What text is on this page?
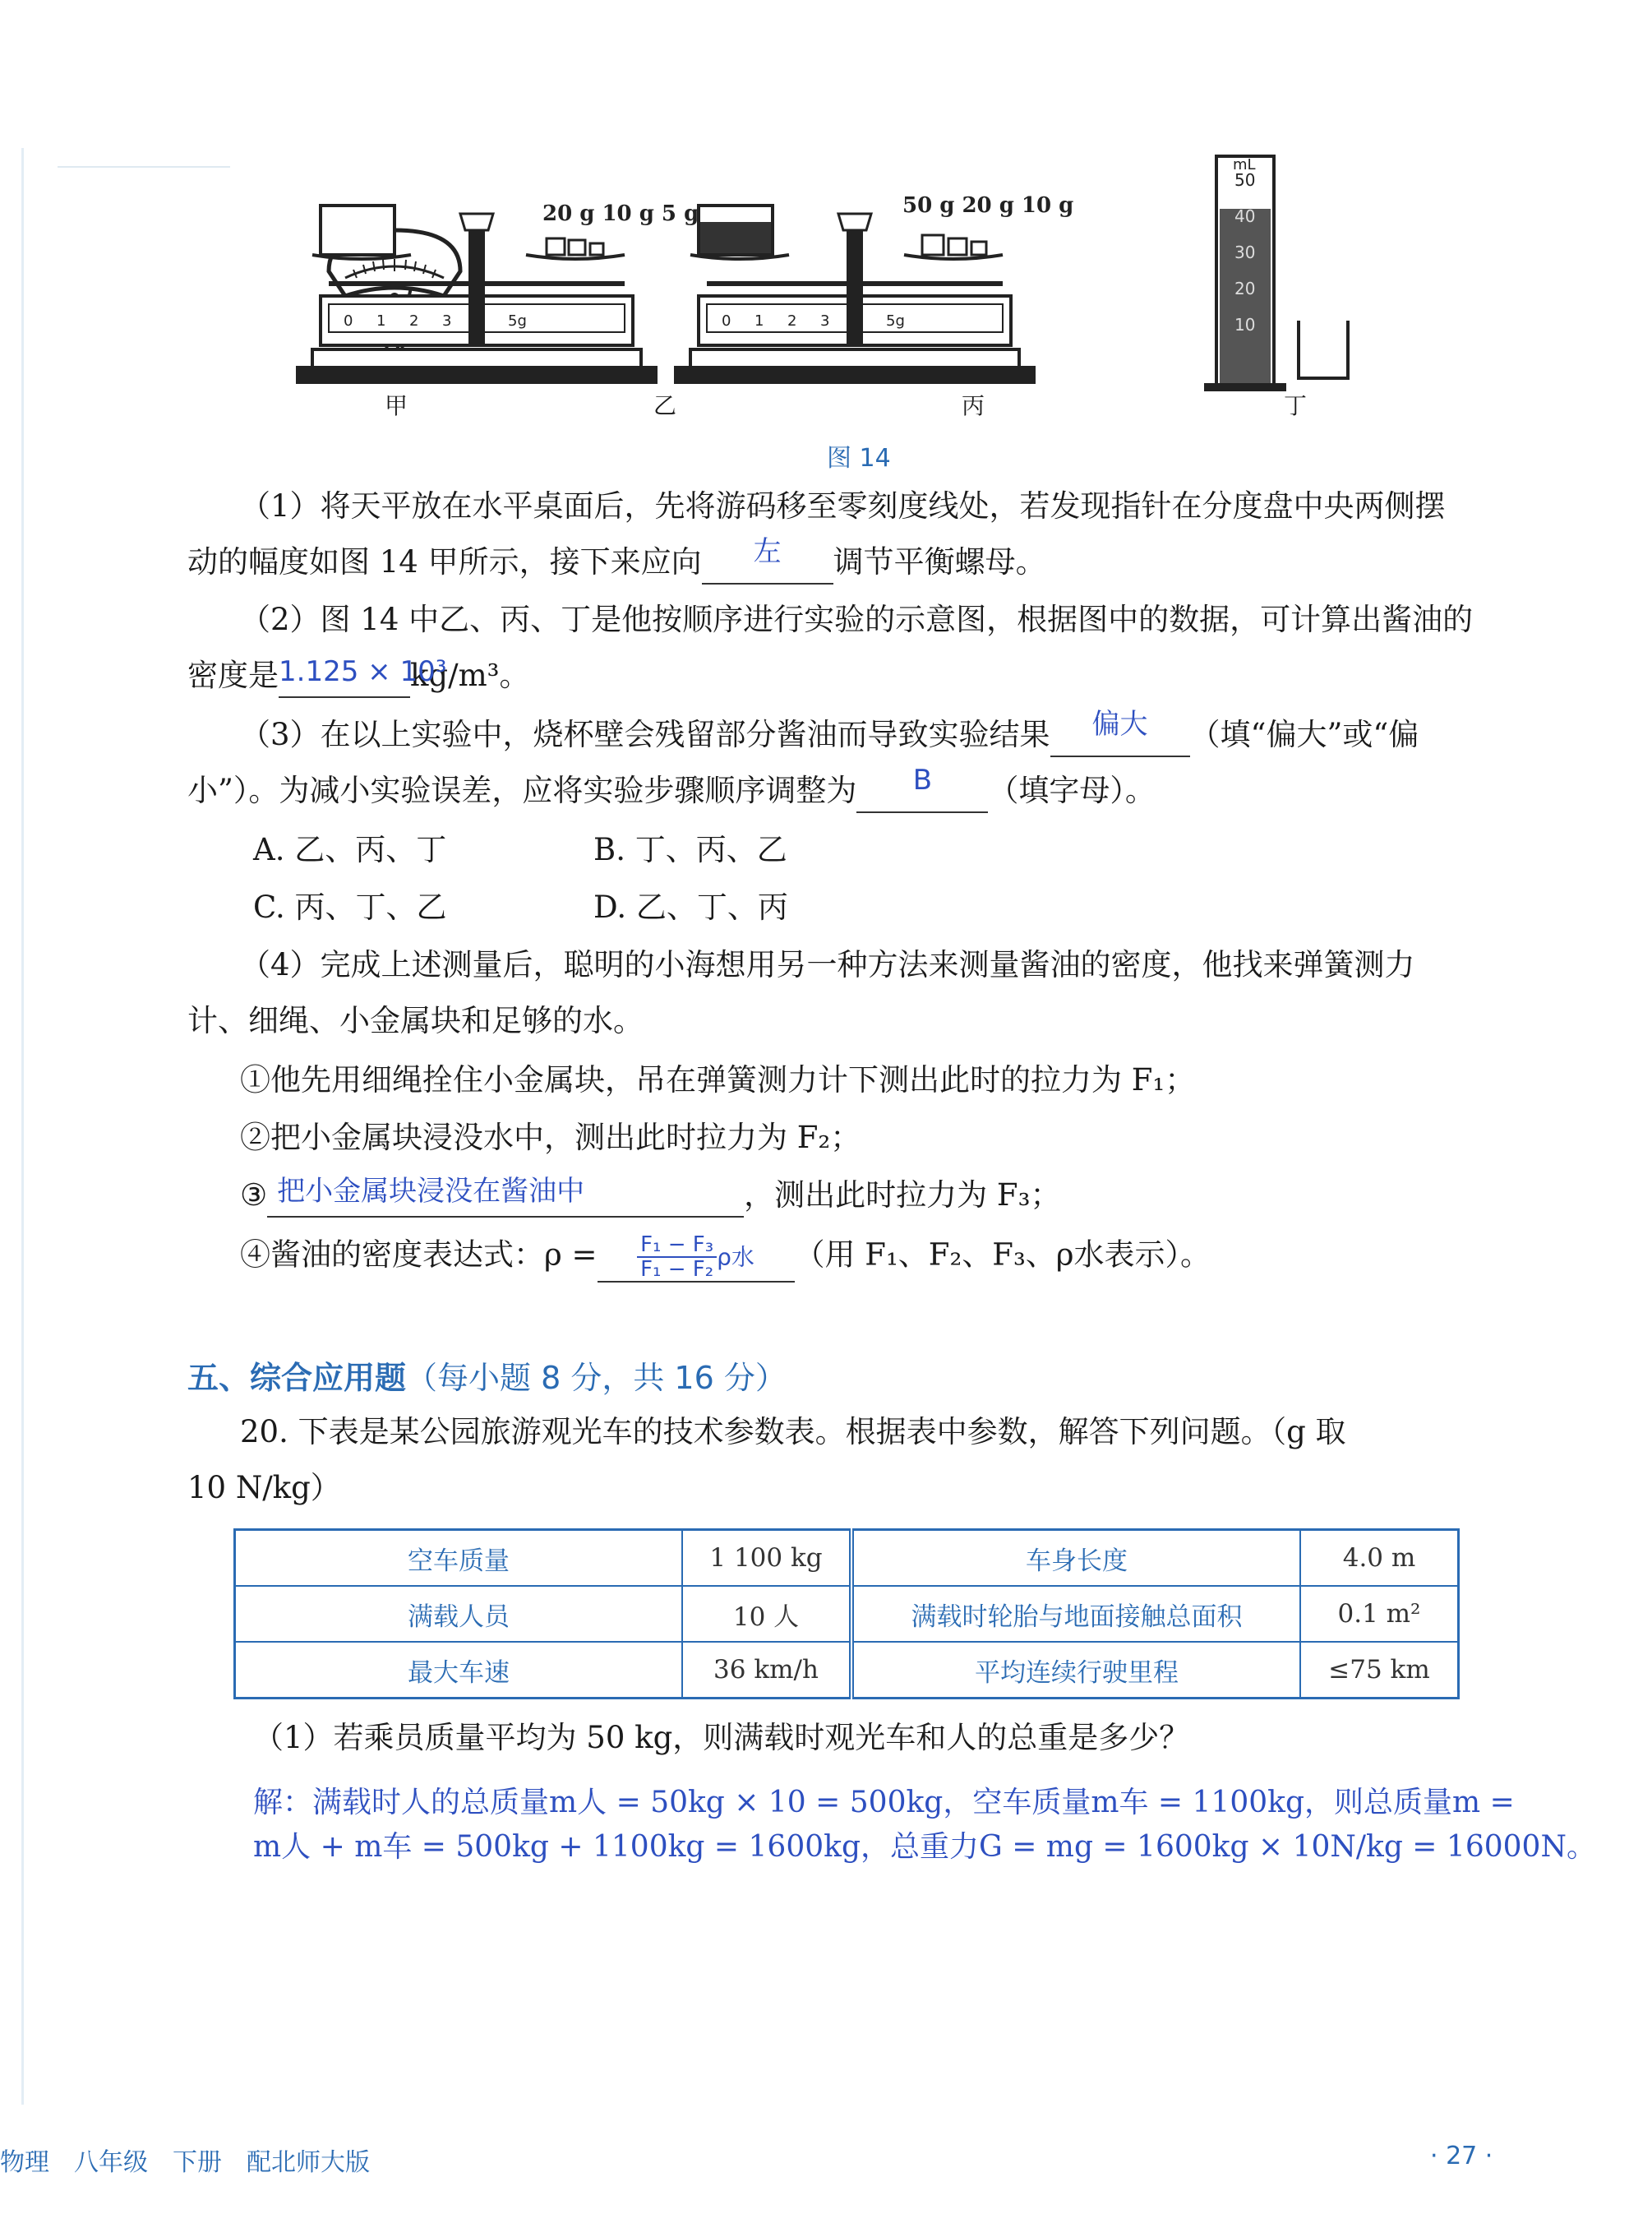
0 1 2 3	5g
20 g 10 g 5 g
0 1 2 3	5g
50 g 20 g 10 g
mL
50
40
30
20
10
甲	乙	丙	丁
图 14
（1）将天平放在水平桌面后，先将游码移至零刻度线处，若发现指针在分度盘中央两侧摆
动的幅度如图 14 甲所示，接下来应向 左 调节平衡螺母。
（2）图 14 中乙、丙、丁是他按顺序进行实验的示意图，根据图中的数据，可计算出酱油的
密度是1.125 × 10³kg/m³。
（3）在以上实验中，烧杯壁会残留部分酱油而导致实验结果 偏大 （填“偏大”或“偏
小”）。为减小实验误差，应将实验步骤顺序调整为 B （填字母）。
A. 乙、丙、丁	B. 丁、丙、乙
C. 丙、丁、乙	D. 乙、丁、丙
（4）完成上述测量后，聪明的小海想用另一种方法来测量酱油的密度，他找来弹簧测力
计、细绳、小金属块和足够的水。
①他先用细绳拴住小金属块，吊在弹簧测力计下测出此时的拉力为 F₁；
②把小金属块浸没水中，测出此时拉力为 F₂；
③ 把小金属块浸没在酱油中	，测出此时拉力为 F₃；
④酱油的密度表达式：$\rho = \frac{\text{F₁ − F₃}}{\text{F₁ − F₂}}$ ρ水 （用 F₁、F₂、F₃、ρ水表示）。
五、综合应用题（每小题 8 分，共 16 分）
20. 下表是某公园旅游观光车的技术参数表。根据表中参数，解答下列问题。（g 取
10 N/kg）
空车质量	1 100 kg	车身长度	4.0 m
满载人员	10 人	满载时轮胎与地面接触总面积	0.1 m²
最大车速	36 km/h	平均连续行驶里程	≤75 km
（1）若乘员质量平均为 50 kg，则满载时观光车和人的总重是多少？
解：满载时人的总质量m人 = 50kg × 10 = 500kg，空车质量m车 = 1100kg，则总质量m =
m人 + m车 = 500kg + 1100kg = 1600kg，总重力G = mg = 1600kg × 10N/kg = 16000N。
物理　八年级　下册　配北师大版	· 27 ·
